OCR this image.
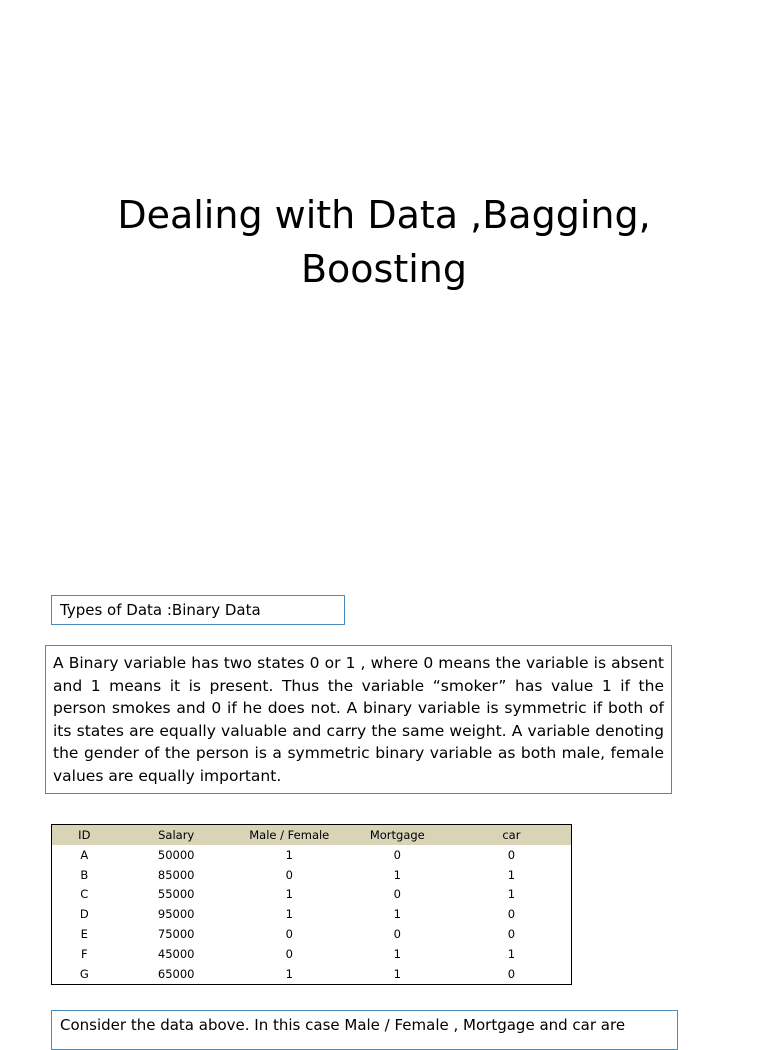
Dealing with Data ,Bagging,
Boosting
Types of Data :Binary Data
A Binary variable has two states 0 or 1 , where 0 means the variable is absent and 1 means it is present. Thus the variable “smoker” has value 1 if the person smokes and 0 if he does not. A binary variable is symmetric if both of its states are equally valuable and carry the same weight. A variable denoting the gender of the person is a symmetric binary variable as both male, female values are equally important.
ID	Salary	Male / Female	Mortgage	car
A	50000	1	0	0
B	85000	0	1	1
C	55000	1	0	1
D	95000	1	1	0
E	75000	0	0	0
F	45000	0	1	1
G	65000	1	1	0
Consider the data above. In this case Male / Female , Mortgage and car are
